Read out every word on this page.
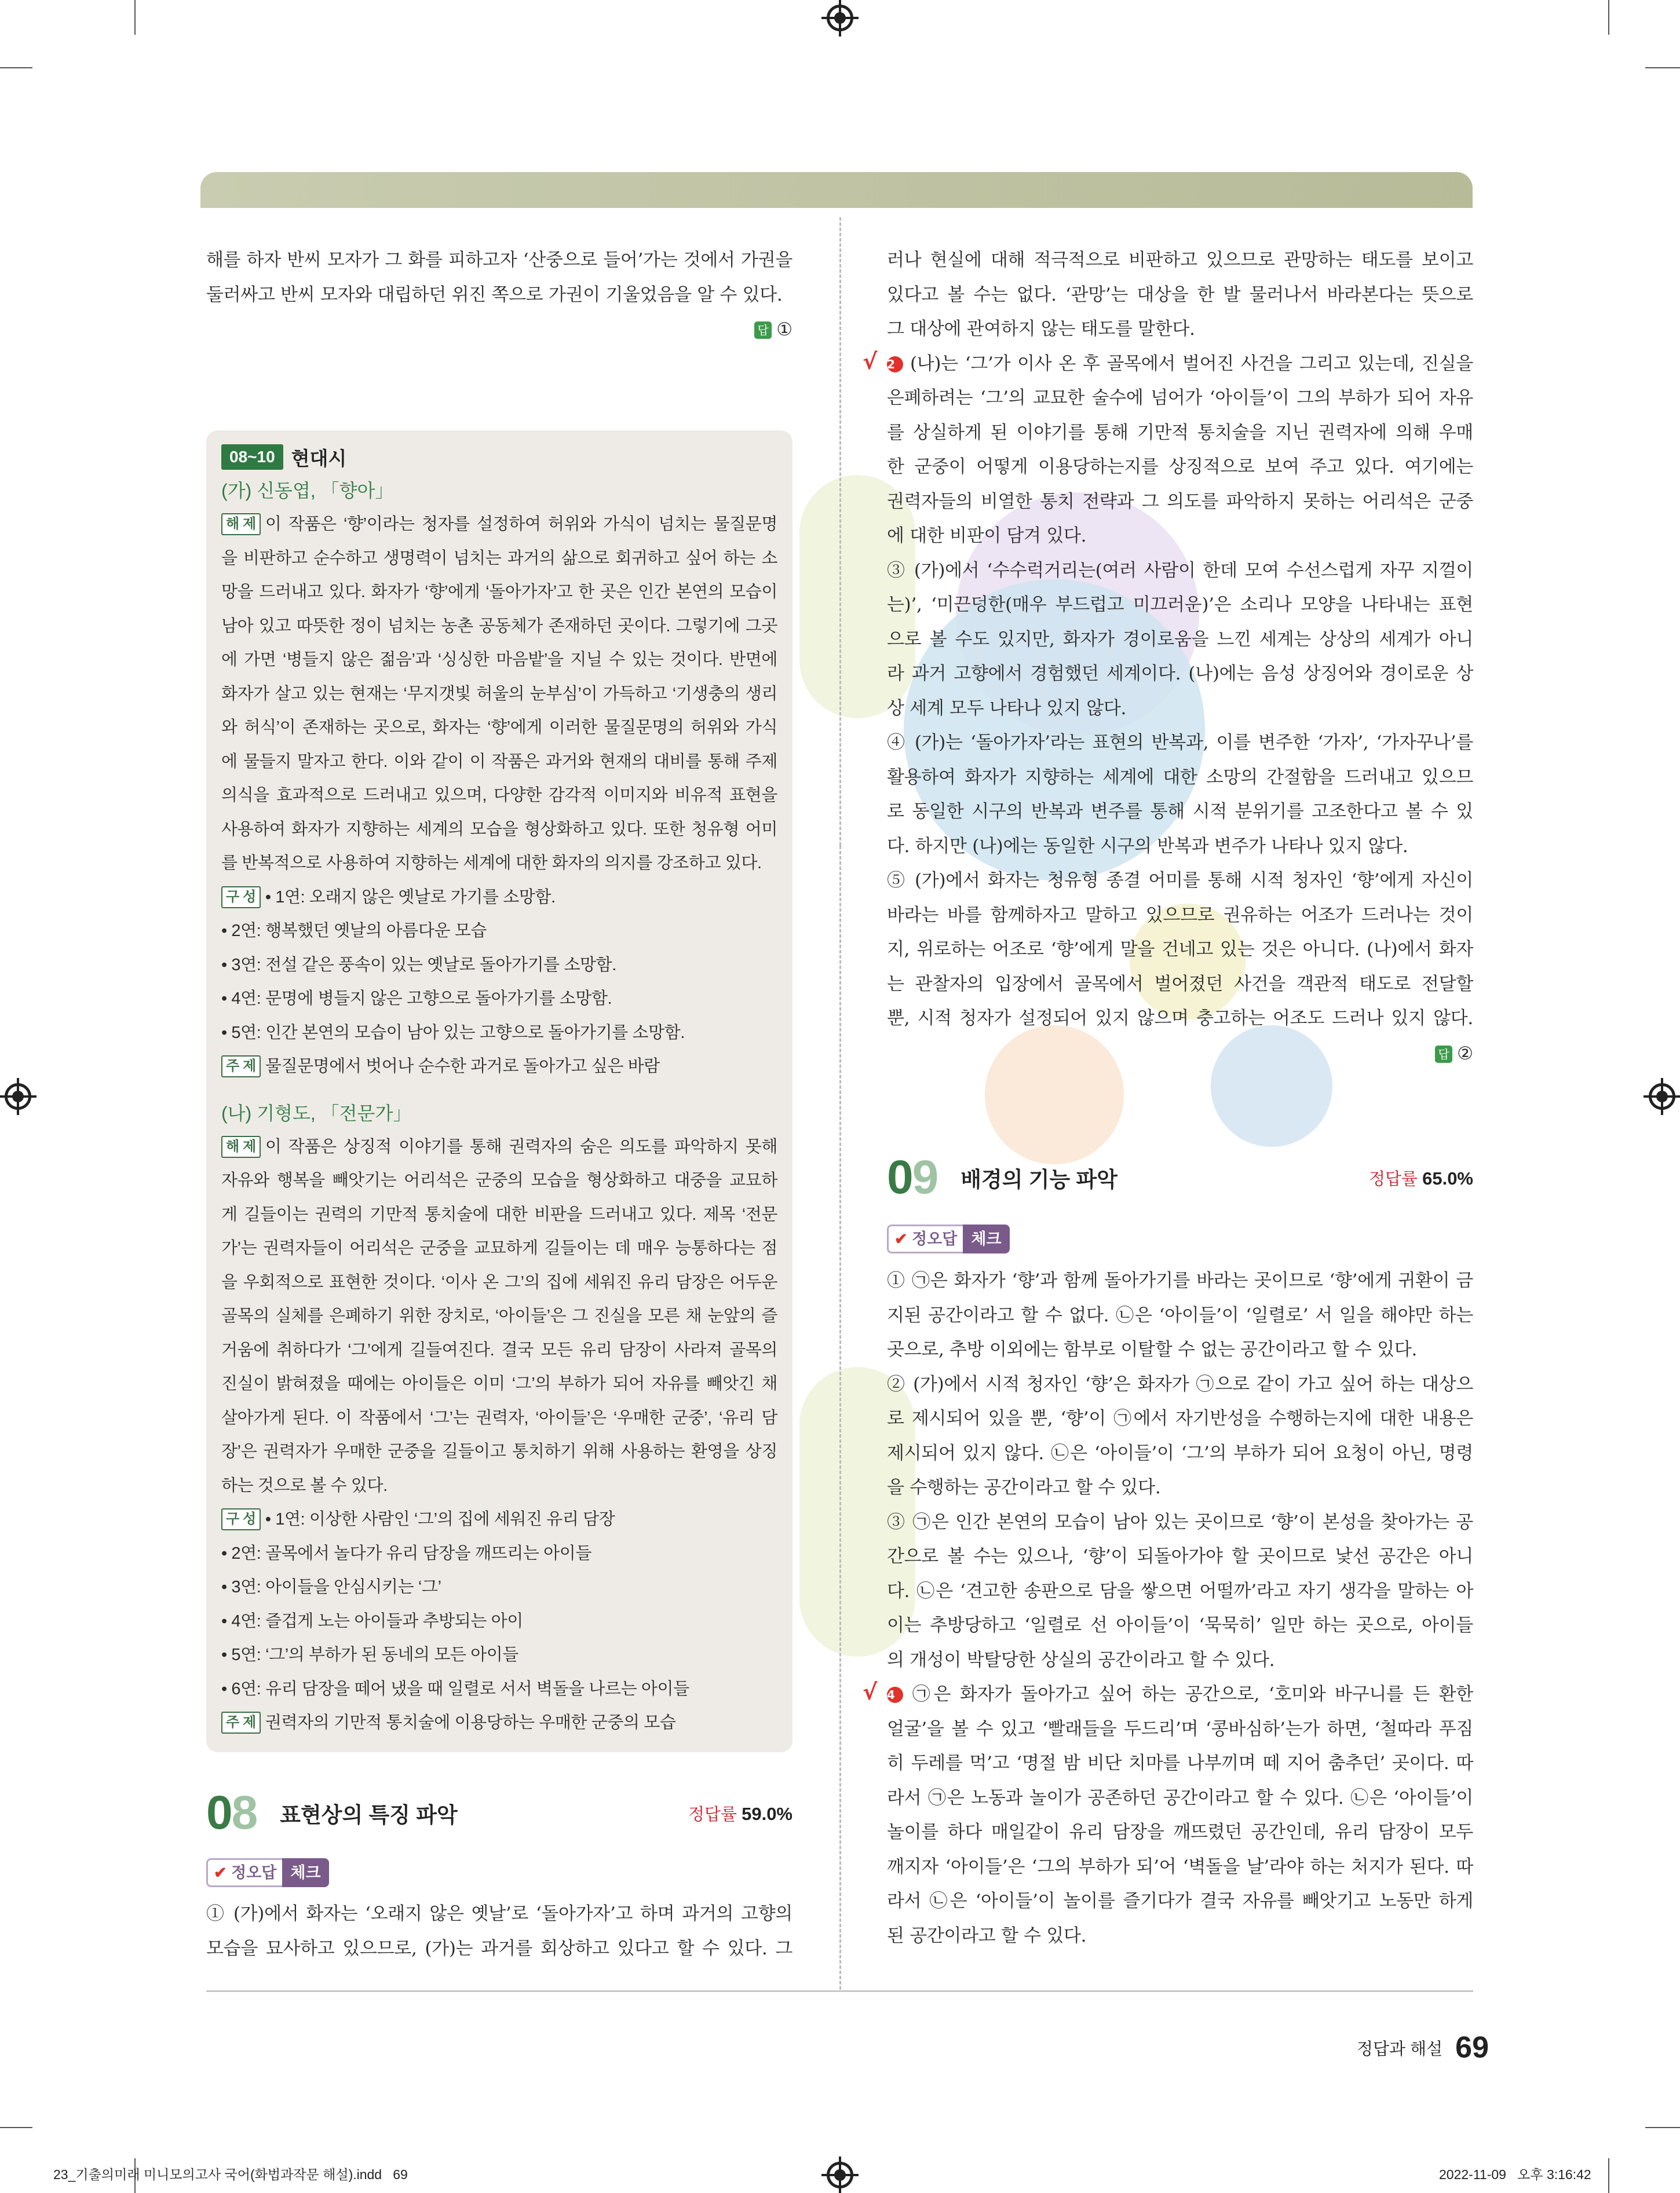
해를 하자 반씨 모자가 그 화를 피하고자 ‘산중으로 들어’가는 것에서 가권을
둘러싸고 반씨 모자와 대립하던 위진 쪽으로 가권이 기울었음을 알 수 있다.
답 ①
08~10 현대시
(가) 신동엽, 「향아」
해 제 이 작품은 ‘향’이라는 청자를 설정하여 허위와 가식이 넘치는 물질문명
을 비판하고 순수하고 생명력이 넘치는 과거의 삶으로 회귀하고 싶어 하는 소
망을 드러내고 있다. 화자가 ‘향’에게 ‘돌아가자’고 한 곳은 인간 본연의 모습이
남아 있고 따뜻한 정이 넘치는 농촌 공동체가 존재하던 곳이다. 그렇기에 그곳
에 가면 ‘병들지 않은 젊음’과 ‘싱싱한 마음밭’을 지닐 수 있는 것이다. 반면에
화자가 살고 있는 현재는 ‘무지갯빛 허울의 눈부심’이 가득하고 ‘기생충의 생리
와 허식’이 존재하는 곳으로, 화자는 ‘향’에게 이러한 물질문명의 허위와 가식
에 물들지 말자고 한다. 이와 같이 이 작품은 과거와 현재의 대비를 통해 주제
의식을 효과적으로 드러내고 있으며, 다양한 감각적 이미지와 비유적 표현을
사용하여 화자가 지향하는 세계의 모습을 형상화하고 있다. 또한 청유형 어미
를 반복적으로 사용하여 지향하는 세계에 대한 화자의 의지를 강조하고 있다.
구 성 • 1연: 오래지 않은 옛날로 가기를 소망함.
• 2연: 행복했던 옛날의 아름다운 모습
• 3연: 전설 같은 풍속이 있는 옛날로 돌아가기를 소망함.
• 4연: 문명에 병들지 않은 고향으로 돌아가기를 소망함.
• 5연: 인간 본연의 모습이 남아 있는 고향으로 돌아가기를 소망함.
주 제 물질문명에서 벗어나 순수한 과거로 돌아가고 싶은 바람
(나) 기형도, 「전문가」
해 제 이 작품은 상징적 이야기를 통해 권력자의 숨은 의도를 파악하지 못해
자유와 행복을 빼앗기는 어리석은 군중의 모습을 형상화하고 대중을 교묘하
게 길들이는 권력의 기만적 통치술에 대한 비판을 드러내고 있다. 제목 ‘전문
가’는 권력자들이 어리석은 군중을 교묘하게 길들이는 데 매우 능통하다는 점
을 우회적으로 표현한 것이다. ‘이사 온 그’의 집에 세워진 유리 담장은 어두운
골목의 실체를 은폐하기 위한 장치로, ‘아이들’은 그 진실을 모른 채 눈앞의 즐
거움에 취하다가 ‘그’에게 길들여진다. 결국 모든 유리 담장이 사라져 골목의
진실이 밝혀졌을 때에는 아이들은 이미 ‘그’의 부하가 되어 자유를 빼앗긴 채
살아가게 된다. 이 작품에서 ‘그’는 권력자, ‘아이들’은 ‘우매한 군중’, ‘유리 담
장’은 권력자가 우매한 군중을 길들이고 통치하기 위해 사용하는 환영을 상징
하는 것으로 볼 수 있다.
구 성 • 1연: 이상한 사람인 ‘그’의 집에 세워진 유리 담장
• 2연: 골목에서 놀다가 유리 담장을 깨뜨리는 아이들
• 3연: 아이들을 안심시키는 ‘그’
• 4연: 즐겁게 노는 아이들과 추방되는 아이
• 5연: ‘그’의 부하가 된 동네의 모든 아이들
• 6연: 유리 담장을 떼어 냈을 때 일렬로 서서 벽돌을 나르는 아이들
주 제 권력자의 기만적 통치술에 이용당하는 우매한 군중의 모습
08 표현상의 특징 파악	정답률 59.0%
✔ 정오답 체크
① (가)에서 화자는 ‘오래지 않은 옛날’로 ‘돌아가자’고 하며 과거의 고향의
모습을 묘사하고 있으므로, (가)는 과거를 회상하고 있다고 할 수 있다. 그
러나 현실에 대해 적극적으로 비판하고 있으므로 관망하는 태도를 보이고
있다고 볼 수는 없다. ‘관망’는 대상을 한 발 물러나서 바라본다는 뜻으로
그 대상에 관여하지 않는 태도를 말한다.
√ 2 (나)는 ‘그’가 이사 온 후 골목에서 벌어진 사건을 그리고 있는데, 진실을
은폐하려는 ‘그’의 교묘한 술수에 넘어가 ‘아이들’이 그의 부하가 되어 자유
를 상실하게 된 이야기를 통해 기만적 통치술을 지닌 권력자에 의해 우매
한 군중이 어떻게 이용당하는지를 상징적으로 보여 주고 있다. 여기에는
권력자들의 비열한 통치 전략과 그 의도를 파악하지 못하는 어리석은 군중
에 대한 비판이 담겨 있다.
③ (가)에서 ‘수수럭거리는(여러 사람이 한데 모여 수선스럽게 자꾸 지껄이
는)’, ‘미끈덩한(매우 부드럽고 미끄러운)’은 소리나 모양을 나타내는 표현
으로 볼 수도 있지만, 화자가 경이로움을 느낀 세계는 상상의 세계가 아니
라 과거 고향에서 경험했던 세계이다. (나)에는 음성 상징어와 경이로운 상
상 세계 모두 나타나 있지 않다.
④ (가)는 ‘돌아가자’라는 표현의 반복과, 이를 변주한 ‘가자’, ‘가자꾸나’를
활용하여 화자가 지향하는 세계에 대한 소망의 간절함을 드러내고 있으므
로 동일한 시구의 반복과 변주를 통해 시적 분위기를 고조한다고 볼 수 있
다. 하지만 (나)에는 동일한 시구의 반복과 변주가 나타나 있지 않다.
⑤ (가)에서 화자는 청유형 종결 어미를 통해 시적 청자인 ‘향’에게 자신이
바라는 바를 함께하자고 말하고 있으므로 권유하는 어조가 드러나는 것이
지, 위로하는 어조로 ‘향’에게 말을 건네고 있는 것은 아니다. (나)에서 화자
는 관찰자의 입장에서 골목에서 벌어졌던 사건을 객관적 태도로 전달할
뿐, 시적 청자가 설정되어 있지 않으며 충고하는 어조도 드러나 있지 않다.
답 ②
09 배경의 기능 파악	정답률 65.0%
✔ 정오답 체크
① ㉠은 화자가 ‘향’과 함께 돌아가기를 바라는 곳이므로 ‘향’에게 귀환이 금
지된 공간이라고 할 수 없다. ㉡은 ‘아이들’이 ‘일렬로’ 서 일을 해야만 하는
곳으로, 추방 이외에는 함부로 이탈할 수 없는 공간이라고 할 수 있다.
② (가)에서 시적 청자인 ‘향’은 화자가 ㉠으로 같이 가고 싶어 하는 대상으
로 제시되어 있을 뿐, ‘향’이 ㉠에서 자기반성을 수행하는지에 대한 내용은
제시되어 있지 않다. ㉡은 ‘아이들’이 ‘그’의 부하가 되어 요청이 아닌, 명령
을 수행하는 공간이라고 할 수 있다.
③ ㉠은 인간 본연의 모습이 남아 있는 곳이므로 ‘향’이 본성을 찾아가는 공
간으로 볼 수는 있으나, ‘향’이 되돌아가야 할 곳이므로 낯선 공간은 아니
다. ㉡은 ‘견고한 송판으로 담을 쌓으면 어떨까’라고 자기 생각을 말하는 아
이는 추방당하고 ‘일렬로 선 아이들’이 ‘묵묵히’ 일만 하는 곳으로, 아이들
의 개성이 박탈당한 상실의 공간이라고 할 수 있다.
√ 4 ㉠은 화자가 돌아가고 싶어 하는 공간으로, ‘호미와 바구니를 든 환한
얼굴’을 볼 수 있고 ‘빨래들을 두드리’며 ‘콩바심하’는가 하면, ‘철따라 푸짐
히 두레를 먹’고 ‘명절 밤 비단 치마를 나부끼며 떼 지어 춤추던’ 곳이다. 따
라서 ㉠은 노동과 놀이가 공존하던 공간이라고 할 수 있다. ㉡은 ‘아이들’이
놀이를 하다 매일같이 유리 담장을 깨뜨렸던 공간인데, 유리 담장이 모두
깨지자 ‘아이들’은 ‘그의 부하가 되’어 ‘벽돌을 날’라야 하는 처지가 된다. 따
라서 ㉡은 ‘아이들’이 놀이를 즐기다가 결국 자유를 빼앗기고 노동만 하게
된 공간이라고 할 수 있다.
정답과 해설 69
23_기출의미래 미니모의고사 국어(화법과작문 해설).indd   69	2022-11-09   오후 3:16:42
